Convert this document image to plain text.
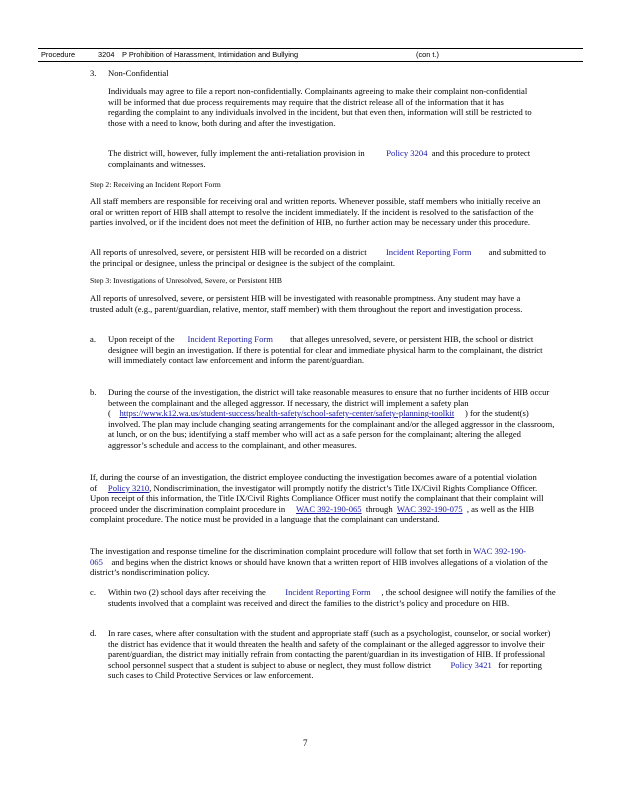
Procedure	3204 P Prohibition of Harassment, Intimidation and Bullying	(con t.)
3. Non-Confidential

Individuals may agree to file a report non-confidentially. Complainants agreeing to make their complaint non-confidential will be informed that due process requirements may require that the district release all of the information that it has regarding the complaint to any individuals involved in the incident, but that even then, information will still be restricted to those with a need to know, both during and after the investigation.

The district will, however, fully implement the anti-retaliation provision in Policy 3204 and this procedure to protect complainants and witnesses.

Step 2: Receiving an Incident Report Form

All staff members are responsible for receiving oral and written reports. Whenever possible, staff members who initially receive an oral or written report of HIB shall attempt to resolve the incident immediately. If the incident is resolved to the satisfaction of the parties involved, or if the incident does not meet the definition of HIB, no further action may be necessary under this procedure.

All reports of unresolved, severe, or persistent HIB will be recorded on a district Incident Reporting Form and submitted to the principal or designee, unless the principal or designee is the subject of the complaint.

Step 3: Investigations of Unresolved, Severe, or Persistent HIB

All reports of unresolved, severe, or persistent HIB will be investigated with reasonable promptness. Any student may have a trusted adult (e.g., parent/guardian, relative, mentor, staff member) with them throughout the report and investigation process.

a. Upon receipt of the Incident Reporting Form that alleges unresolved, severe, or persistent HIB, the school or district designee will begin an investigation. If there is potential for clear and immediate physical harm to the complainant, the district will immediately contact law enforcement and inform the parent/guardian.

b. During the course of the investigation, the district will take reasonable measures to ensure that no further incidents of HIB occur between the complainant and the alleged aggressor. If necessary, the district will implement a safety plan ( https://www.k12.wa.us/student-success/health-safety/school-safety-center/safety-planning-toolkit ) for the student(s) involved. The plan may include changing seating arrangements for the complainant and/or the alleged aggressor in the classroom, at lunch, or on the bus; identifying a staff member who will act as a safe person for the complainant; altering the alleged aggressor’s schedule and access to the complainant, and other measures.

If, during the course of an investigation, the district employee conducting the investigation becomes aware of a potential violation of Policy 3210, Nondiscrimination, the investigator will promptly notify the district’s Title IX/Civil Rights Compliance Officer. Upon receipt of this information, the Title IX/Civil Rights Compliance Officer must notify the complainant that their complaint will proceed under the discrimination complaint procedure in WAC 392-190-065 through WAC 392-190-075 , as well as the HIB complaint procedure. The notice must be provided in a language that the complainant can understand.

The investigation and response timeline for the discrimination complaint procedure will follow that set forth in WAC 392-190-065 and begins when the district knows or should have known that a written report of HIB involves allegations of a violation of the district’s nondiscrimination policy.

c. Within two (2) school days after receiving the Incident Reporting Form , the school designee will notify the families of the students involved that a complaint was received and direct the families to the district’s policy and procedure on HIB.

d. In rare cases, where after consultation with the student and appropriate staff (such as a psychologist, counselor, or social worker) the district has evidence that it would threaten the health and safety of the complainant or the alleged aggressor to involve their parent/guardian, the district may initially refrain from contacting the parent/guardian in its investigation of HIB. If professional school personnel suspect that a student is subject to abuse or neglect, they must follow district Policy 3421 for reporting such cases to Child Protective Services or law enforcement.

7
